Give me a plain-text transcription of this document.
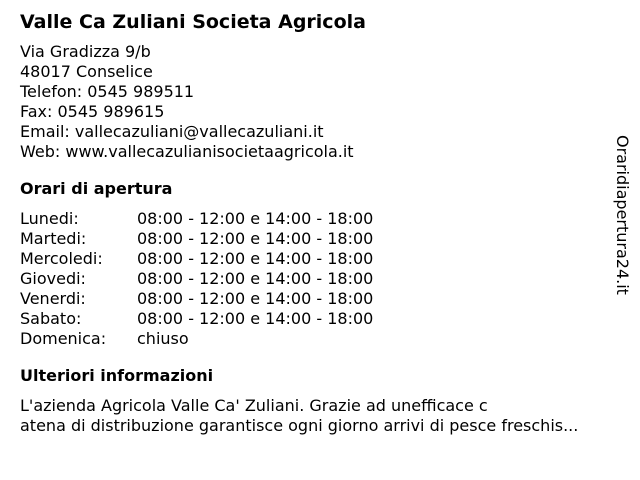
Valle Ca Zuliani Societa Agricola
Via Gradizza 9/b
48017 Conselice
Telefon: 0545 989511
Fax: 0545 989615
Email: vallecazuliani@vallecazuliani.it
Web: www.vallecazulianisocietaagricola.it
Orari di apertura
Lunedi:	08:00 - 12:00 e 14:00 - 18:00
Martedi:	08:00 - 12:00 e 14:00 - 18:00
Mercoledi:	08:00 - 12:00 e 14:00 - 18:00
Giovedi:	08:00 - 12:00 e 14:00 - 18:00
Venerdi:	08:00 - 12:00 e 14:00 - 18:00
Sabato:	08:00 - 12:00 e 14:00 - 18:00
Domenica:	chiuso
Ulteriori informazioni
L'azienda Agricola Valle Ca' Zuliani. Grazie ad unefficace c
atena di distribuzione garantisce ogni giorno arrivi di pesce freschis...
Oraridiapertura24.it
